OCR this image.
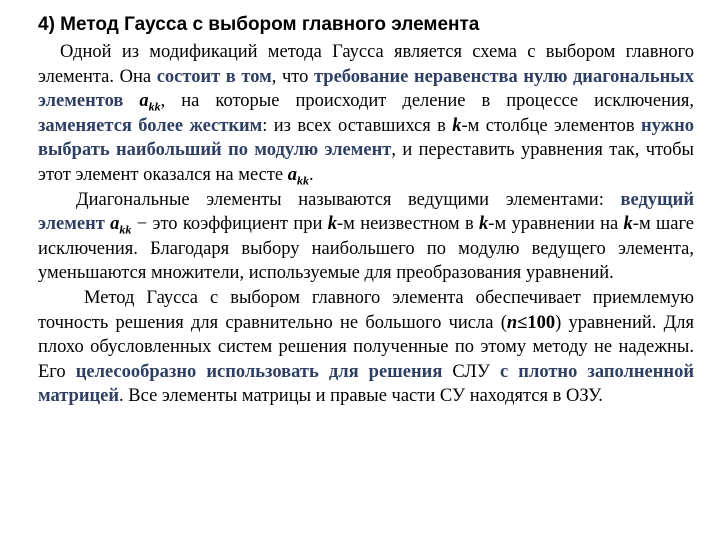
4) Метод Гаусса с выбором главного элемента

Одной из модификаций метода Гаусса является схема с выбором главного элемента. Она состоит в том, что требование неравенства нулю диагональных элементов $a_{kk}$, на которые происходит деление в процессе исключения, заменяется более жестким: из всех оставшихся в k-м столбце элементов нужно выбрать наибольший по модулю элемент, и переставить уравнения так, чтобы этот элемент оказался на месте $a_{kk}$.

Диагональные элементы называются ведущими элементами: ведущий элемент $a_{kk}$ − это коэффициент при k-м неизвестном в k-м уравнении на k-м шаге исключения. Благодаря выбору наибольшего по модулю ведущего элемента, уменьшаются множители, используемые для преобразования уравнений.

Метод Гаусса с выбором главного элемента обеспечивает приемлемую точность решения для сравнительно не большого числа (n≤100) уравнений. Для плохо обусловленных систем решения полученные по этому методу не надежны. Его целесообразно использовать для решения СЛУ с плотно заполненной матрицей. Все элементы матрицы и правые части СУ находятся в ОЗУ.
